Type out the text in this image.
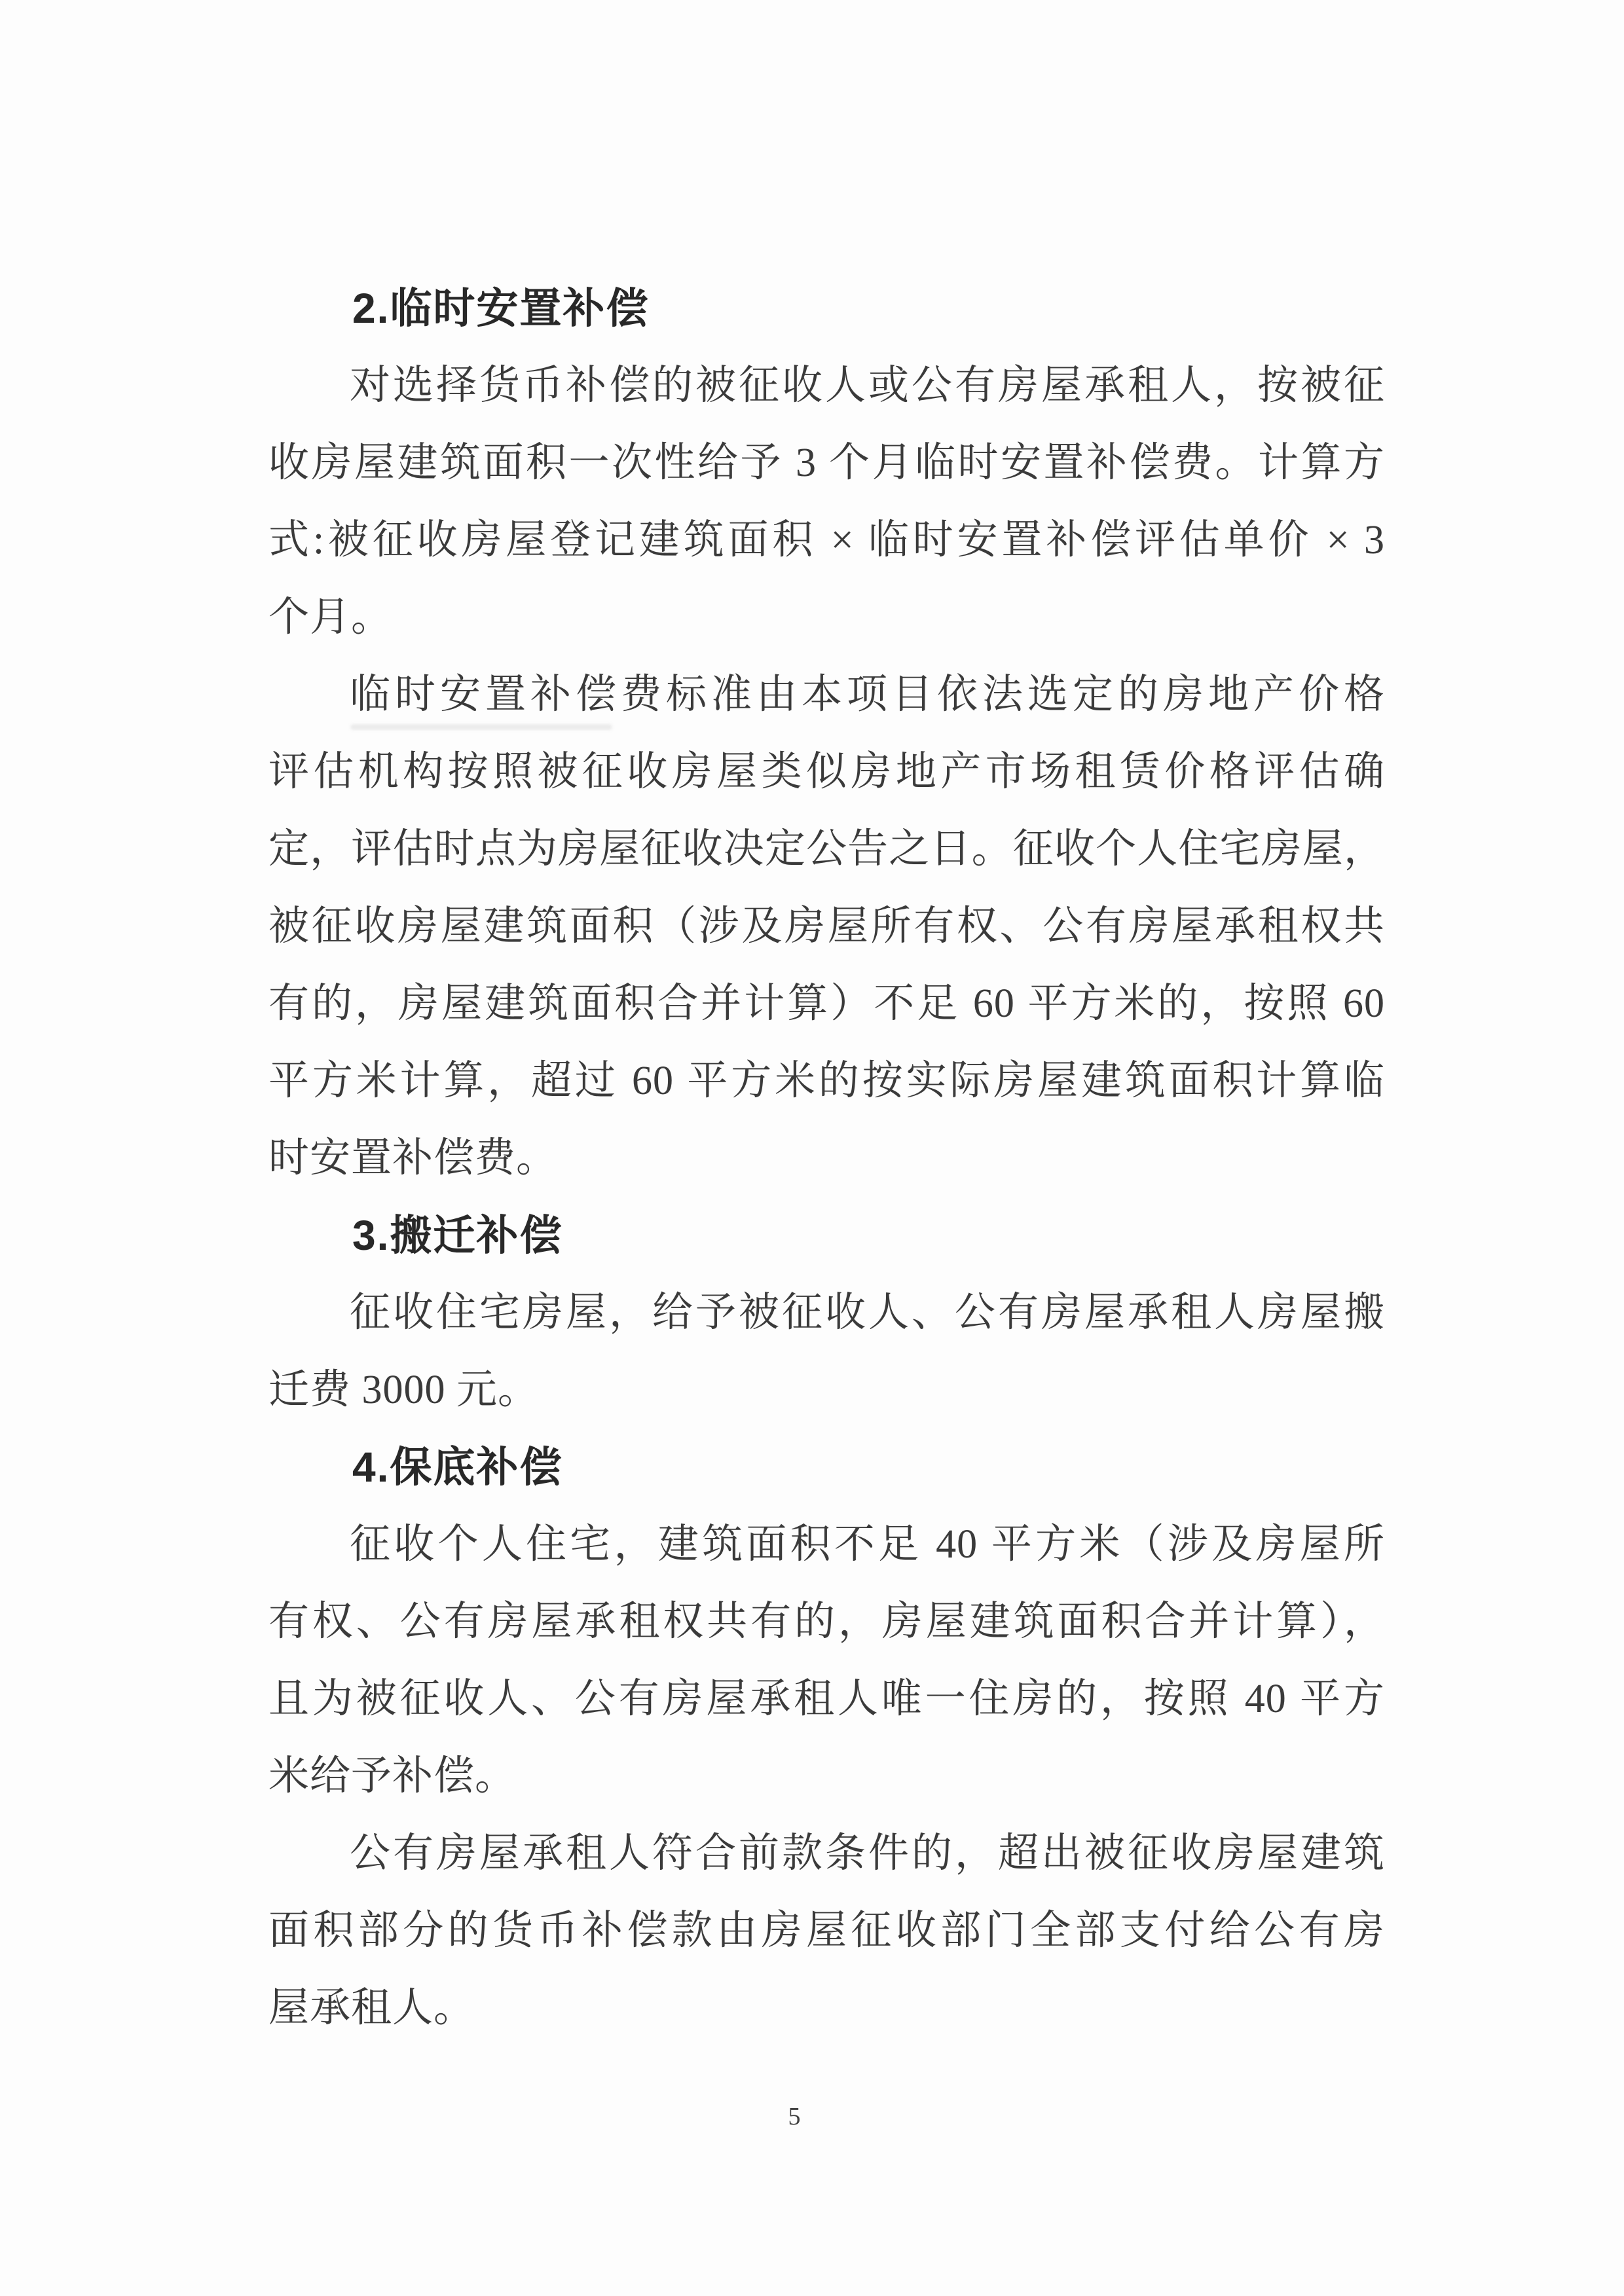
2.临时安置补偿
对选择货币补偿的被征收人或公有房屋承租人，按被征
收房屋建筑面积一次性给予 3 个月临时安置补偿费。计算方
式:被征收房屋登记建筑面积 × 临时安置补偿评估单价 × 3
个月。
临时安置补偿费标准由本项目依法选定的房地产价格
评估机构按照被征收房屋类似房地产市场租赁价格评估确
定，评估时点为房屋征收决定公告之日。征收个人住宅房屋，
被征收房屋建筑面积（涉及房屋所有权、公有房屋承租权共
有的，房屋建筑面积合并计算）不足 60 平方米的，按照 60
平方米计算，超过 60 平方米的按实际房屋建筑面积计算临
时安置补偿费。
3.搬迁补偿
征收住宅房屋，给予被征收人、公有房屋承租人房屋搬
迁费 3000 元。
4.保底补偿
征收个人住宅，建筑面积不足 40 平方米（涉及房屋所
有权、公有房屋承租权共有的，房屋建筑面积合并计算），
且为被征收人、公有房屋承租人唯一住房的，按照 40 平方
米给予补偿。
公有房屋承租人符合前款条件的，超出被征收房屋建筑
面积部分的货币补偿款由房屋征收部门全部支付给公有房
屋承租人。
5
